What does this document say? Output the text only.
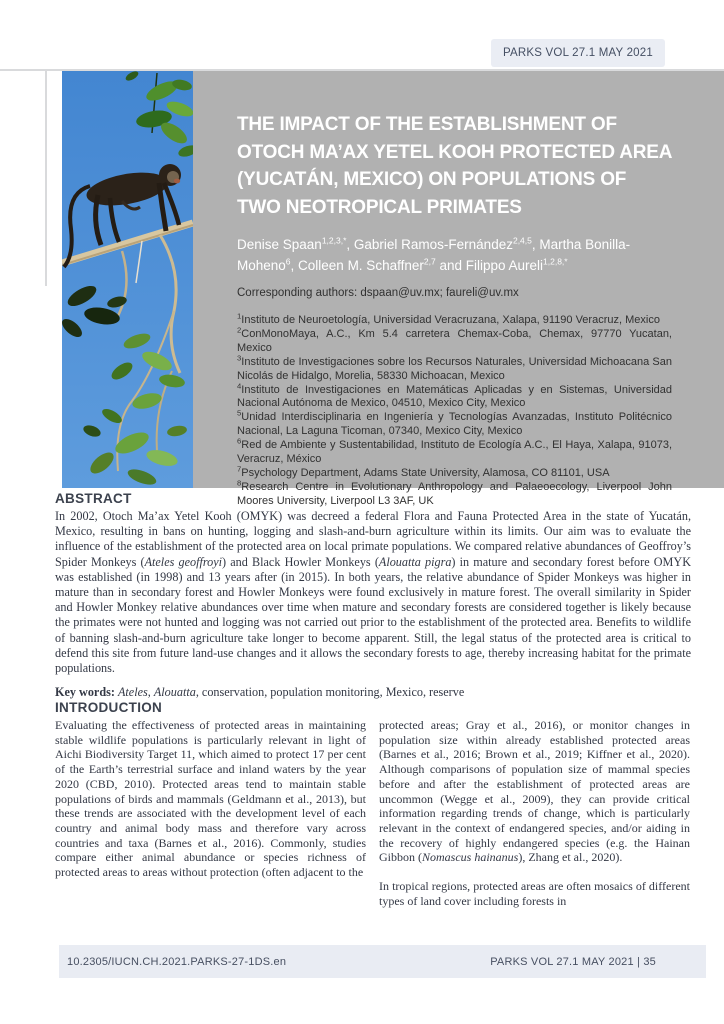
PARKS VOL 27.1 MAY 2021
THE IMPACT OF THE ESTABLISHMENT OF OTOCH MA’AX YETEL KOOH PROTECTED AREA (YUCATÁN, MEXICO) ON POPULATIONS OF TWO NEOTROPICAL PRIMATES

Denise Spaan$^{1,2,3,*}$, Gabriel Ramos-Fernández$^{2,4,5}$, Martha Bonilla-Moheno$^6$, Colleen M. Schaffner$^{2,7}$ and Filippo Aureli$^{1,2,8,*}$

Corresponding authors: dspaan@uv.mx; faureli@uv.mx

$^1$Instituto de Neuroetología, Universidad Veracruzana, Xalapa, 91190 Veracruz, Mexico

$^2$ConMonoMaya, A.C., Km 5.4 carretera Chemax-Coba, Chemax, 97770 Yucatan, Mexico

$^3$Instituto de Investigaciones sobre los Recursos Naturales, Universidad Michoacana San Nicolás de Hidalgo, Morelia, 58330 Michoacan, Mexico

$^4$Instituto de Investigaciones en Matemáticas Aplicadas y en Sistemas, Universidad Nacional Autónoma de Mexico, 04510, Mexico City, Mexico

$^5$Unidad Interdisciplinaria en Ingeniería y Tecnologías Avanzadas, Instituto Politécnico Nacional, La Laguna Ticoman, 07340, Mexico City, Mexico

$^6$Red de Ambiente y Sustentabilidad, Instituto de Ecología A.C., El Haya, Xalapa, 91073, Veracruz, México

$^7$Psychology Department, Adams State University, Alamosa, CO 81101, USA

$^8$Research Centre in Evolutionary Anthropology and Palaeoecology, Liverpool John Moores University, Liverpool L3 3AF, UK

ABSTRACT

In 2002, Otoch Ma’ax Yetel Kooh (OMYK) was decreed a federal Flora and Fauna Protected Area in the state of Yucatán, Mexico, resulting in bans on hunting, logging and slash-and-burn agriculture within its limits. Our aim was to evaluate the influence of the establishment of the protected area on local primate populations. We compared relative abundances of Geoffroy’s Spider Monkeys (Ateles geoffroyi) and Black Howler Monkeys (Alouatta pigra) in mature and secondary forest before OMYK was established (in 1998) and 13 years after (in 2015). In both years, the relative abundance of Spider Monkeys was higher in mature than in secondary forest and Howler Monkeys were found exclusively in mature forest. The overall similarity in Spider and Howler Monkey relative abundances over time when mature and secondary forests are considered together is likely because the primates were not hunted and logging was not carried out prior to the establishment of the protected area. Benefits to wildlife of banning slash-and-burn agriculture take longer to become apparent. Still, the legal status of the protected area is critical to defend this site from future land-use changes and it allows the secondary forests to age, thereby increasing habitat for the primate populations.

Key words: Ateles, Alouatta, conservation, population monitoring, Mexico, reserve

INTRODUCTION

Evaluating the effectiveness of protected areas in maintaining stable wildlife populations is particularly relevant in light of Aichi Biodiversity Target 11, which aimed to protect 17 per cent of the Earth’s terrestrial surface and inland waters by the year 2020 (CBD, 2010). Protected areas tend to maintain stable populations of birds and mammals (Geldmann et al., 2013), but these trends are associated with the development level of each country and animal body mass and therefore vary across countries and taxa (Barnes et al., 2016). Commonly, studies compare either animal abundance or species richness of protected areas to areas without protection (often adjacent to the

protected areas; Gray et al., 2016), or monitor changes in population size within already established protected areas (Barnes et al., 2016; Brown et al., 2019; Kiffner et al., 2020). Although comparisons of population size of mammal species before and after the establishment of protected areas are uncommon (Wegge et al., 2009), they can provide critical information regarding trends of change, which is particularly relevant in the context of endangered species, and/or aiding in the recovery of highly endangered species (e.g. the Hainan Gibbon (Nomascus hainanus), Zhang et al., 2020).

In tropical regions, protected areas are often mosaics of different types of land cover including forests in

10.2305/IUCN.CH.2021.PARKS-27-1DS.en	PARKS VOL 27.1 MAY 2021 | 35
